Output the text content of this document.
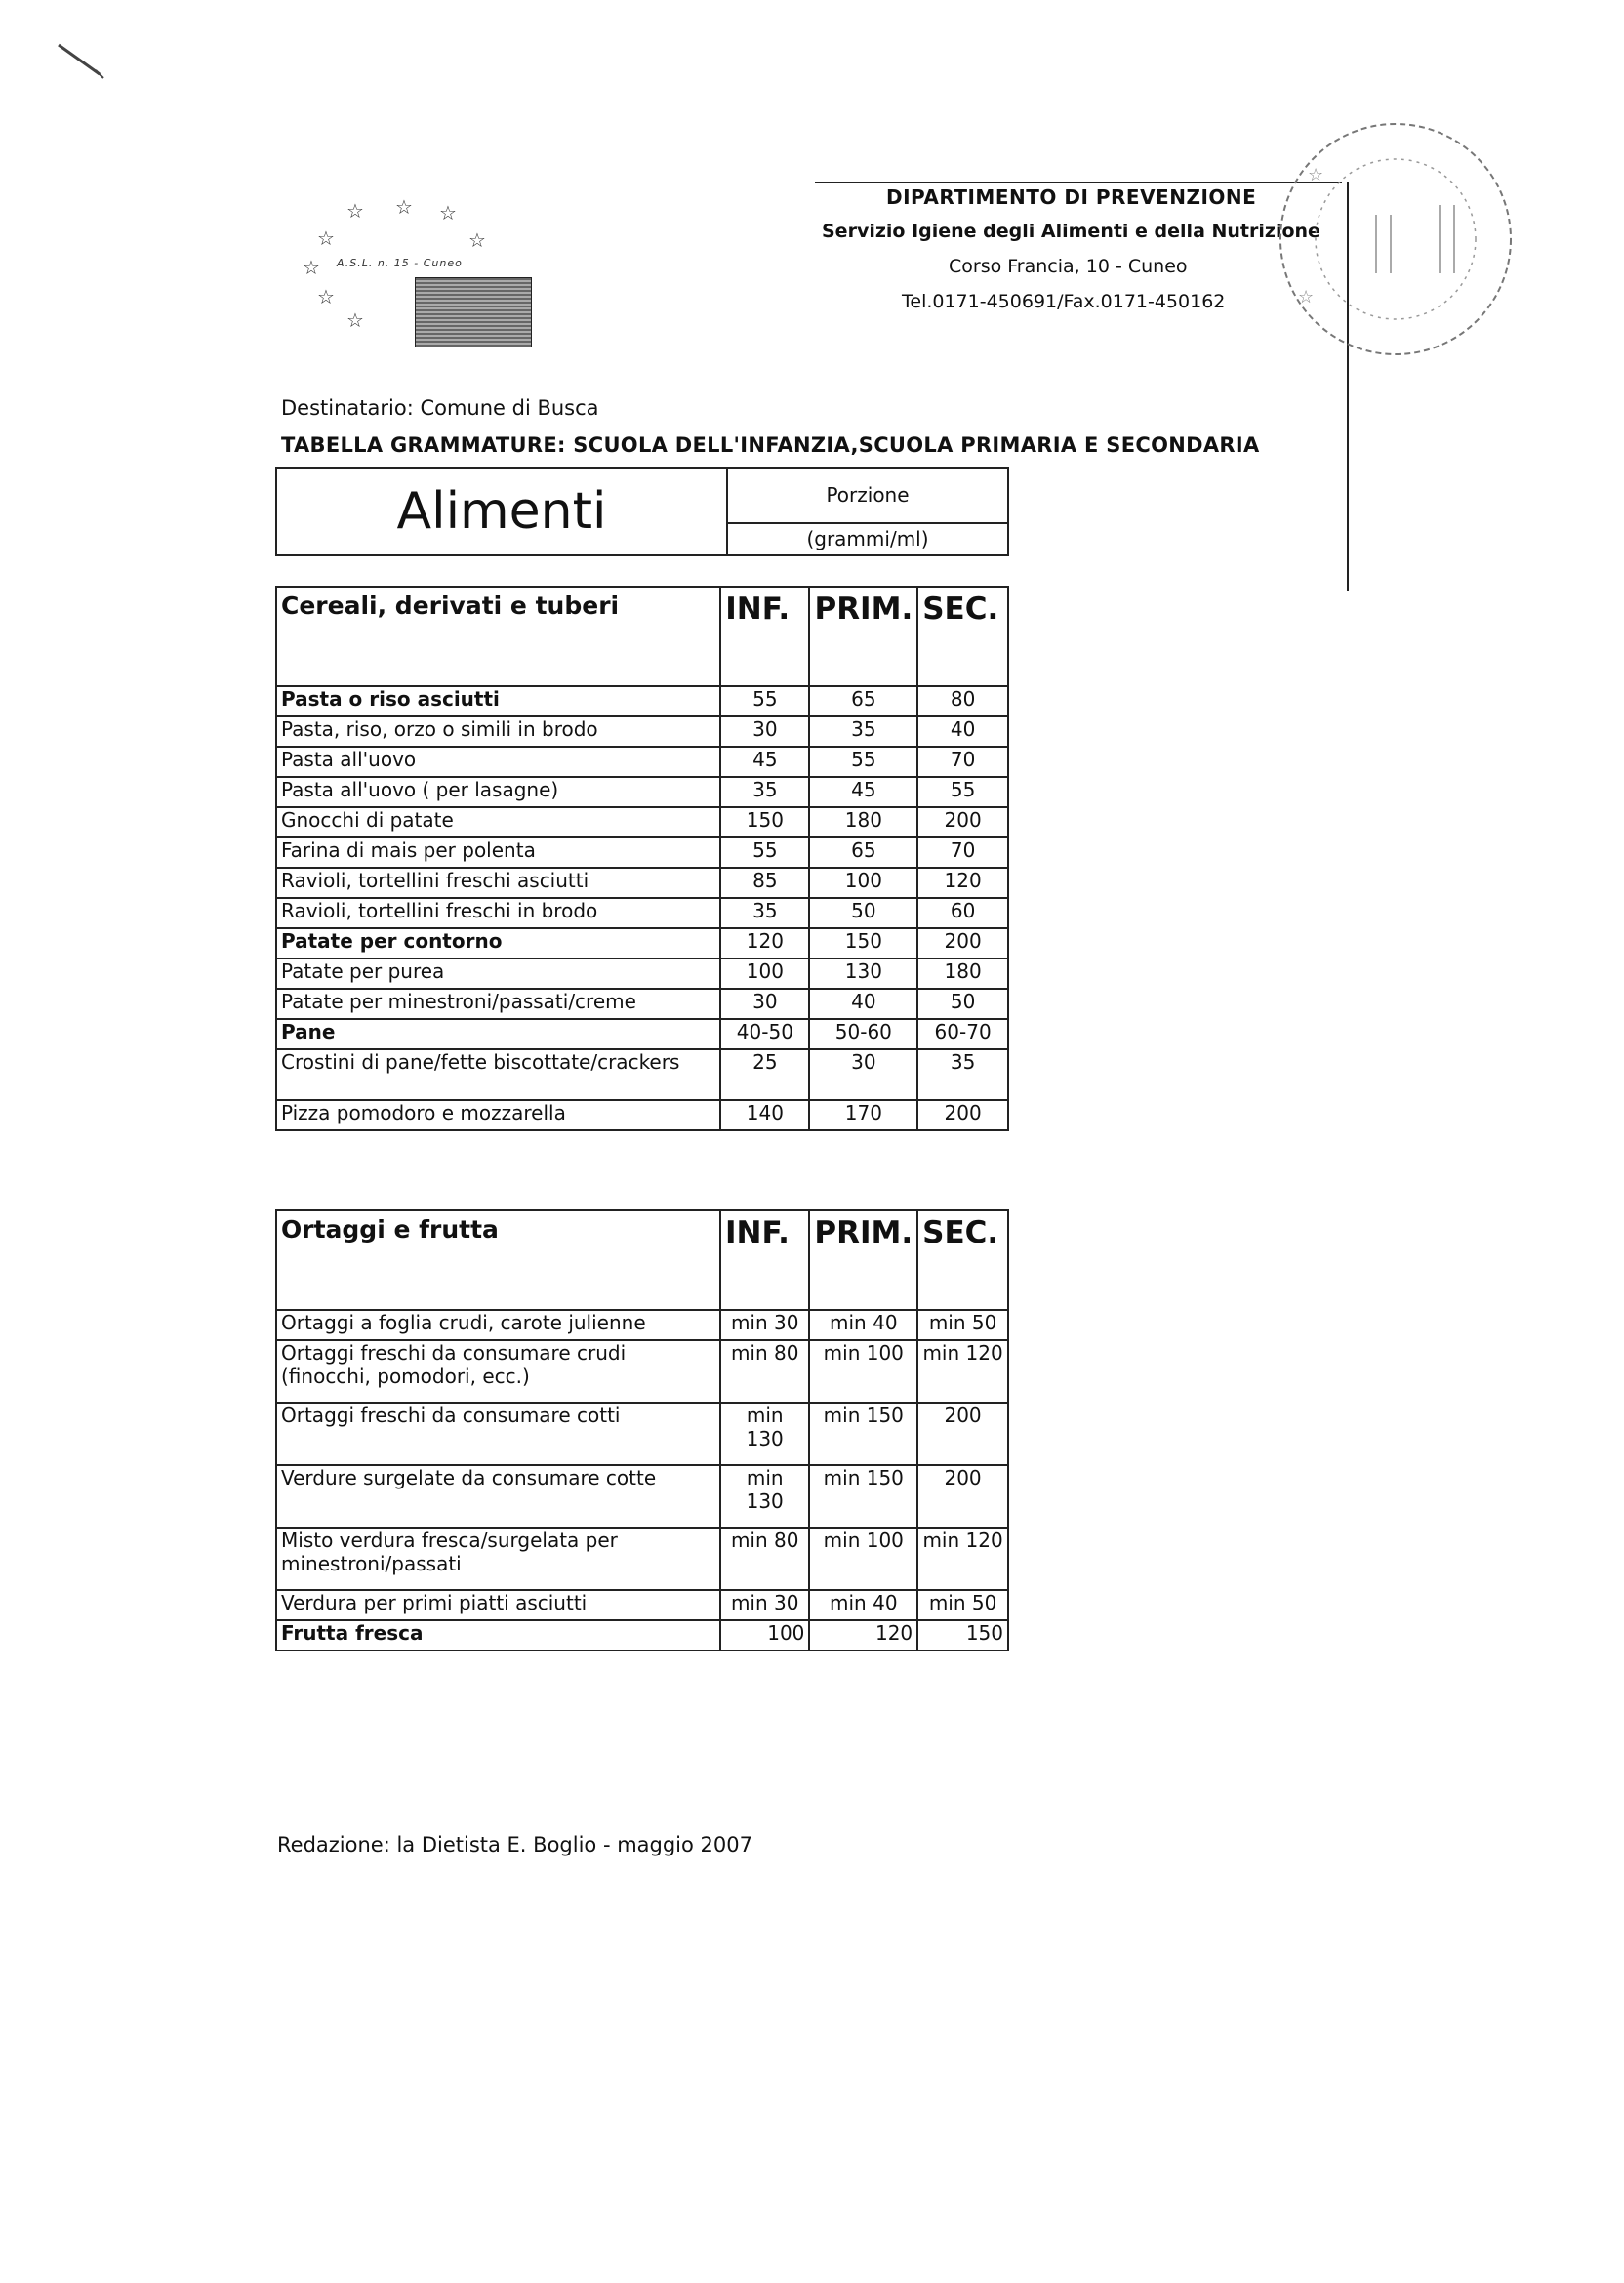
☆ ☆ ☆
☆	☆
☆
☆
☆
A.S.L. n. 15 - Cuneo
DIPARTIMENTO DI PREVENZIONE
Servizio Igiene degli Alimenti e della Nutrizione
Corso Francia, 10 - Cuneo
Tel.0171-450691/Fax.0171-450162
☆
☆
Destinatario: Comune di Busca
TABELLA GRAMMATURE: SCUOLA DELL'INFANZIA,SCUOLA PRIMARIA E SECONDARIA
Alimenti	Porzione
(grammi/ml)
Cereali, derivati e tuberi	INF.	PRIM.	SEC.
Pasta o riso asciutti	55	65	80
Pasta, riso, orzo o simili in brodo	30	35	40
Pasta all'uovo	45	55	70
Pasta all'uovo ( per lasagne)	35	45	55
Gnocchi di patate	150	180	200
Farina di mais per polenta	55	65	70
Ravioli, tortellini freschi asciutti	85	100	120
Ravioli, tortellini freschi in brodo	35	50	60
Patate per contorno	120	150	200
Patate per purea	100	130	180
Patate per minestroni/passati/creme	30	40	50
Pane	40-50	50-60	60-70
Crostini di pane/fette biscottate/crackers	25	30	35
Pizza pomodoro e mozzarella	140	170	200
Ortaggi e frutta	INF.	PRIM.	SEC.
Ortaggi a foglia crudi, carote julienne	min 30	min 40	min 50
Ortaggi freschi da consumare crudi (finocchi, pomodori, ecc.)	min 80	min 100	min 120
Ortaggi freschi da consumare cotti	min 130	min 150	200
Verdure surgelate da consumare cotte	min 130	min 150	200
Misto verdura fresca/surgelata per minestroni/passati	min 80	min 100	min 120
Verdura per primi piatti asciutti	min 30	min 40	min 50
Frutta fresca	100	120	150
Redazione: la Dietista E. Boglio - maggio 2007
